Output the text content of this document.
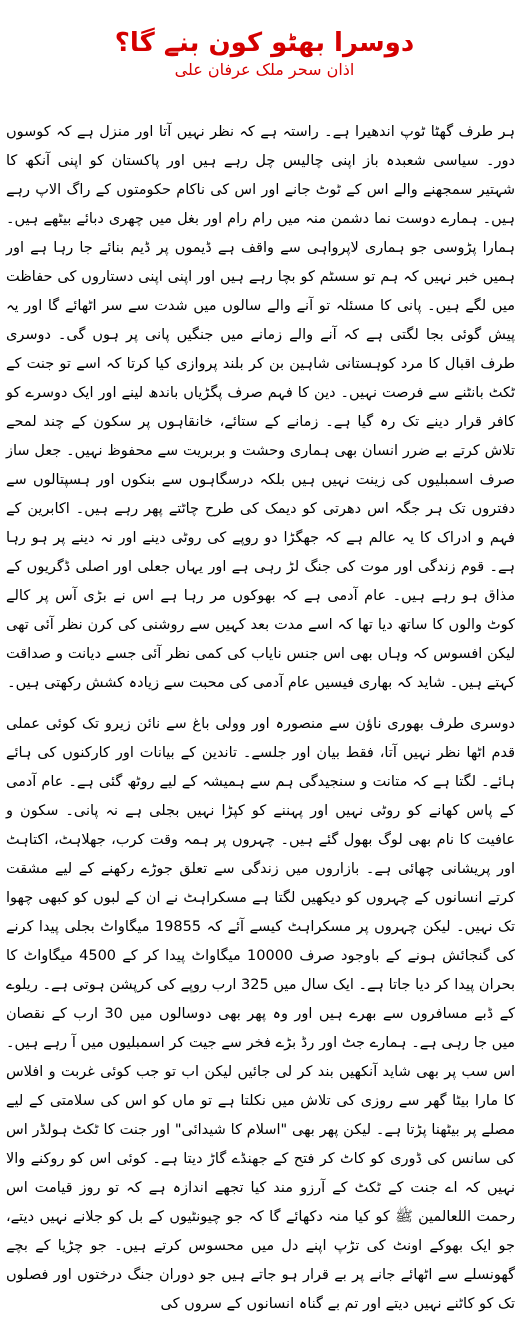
دوسرا بھٹو کون بنے گا؟
اذان سحر ملک عرفان علی

ہر طرف گھٹا ٹوپ اندھیرا ہے۔ راستہ ہے کہ نظر نہیں آتا اور منزل ہے کہ کوسوں دور۔ سیاسی شعبدہ باز اپنی چالیس چل رہے ہیں اور پاکستان کو اپنی آنکھ کا شہتیر سمجھنے والے اس کے ٹوٹ جانے اور اس کی ناکام حکومتوں کے راگ الاپ رہے ہیں۔ ہمارے دوست نما دشمن منہ میں رام رام اور بغل میں چھری دبائے بیٹھے ہیں۔ ہمارا پڑوسی جو ہماری لاپرواہی سے واقف ہے ڈیموں پر ڈیم بنائے جا رہا ہے اور ہمیں خبر نہیں کہ ہم تو سسٹم کو بچا رہے ہیں اور اپنی اپنی دستاروں کی حفاظت میں لگے ہیں۔ پانی کا مسئلہ تو آنے والے سالوں میں شدت سے سر اٹھائے گا اور یہ پیش گوئی بجا لگتی ہے کہ آنے والے زمانے میں جنگیں پانی پر ہوں گی۔ دوسری طرف اقبال کا مرد کوہستانی شاہین بن کر بلند پروازی کیا کرتا کہ اسے تو جنت کے ٹکٹ بانٹنے سے فرصت نہیں۔ دین کا فہم صرف پگڑیاں باندھ لینے اور ایک دوسرے کو کافر قرار دینے تک رہ گیا ہے۔ زمانے کے ستائے، خانقاہوں پر سکون کے چند لمحے تلاش کرتے بے ضرر انسان بھی ہماری وحشت و بربریت سے محفوظ نہیں۔ جعل ساز صرف اسمبلیوں کی زینت نہیں ہیں بلکہ درسگاہوں سے بنکوں اور ہسپتالوں سے دفتروں تک ہر جگہ اس دھرتی کو دیمک کی طرح چاٹتے پھر رہے ہیں۔ اکابرین کے فہم و ادراک کا یہ عالم ہے کہ جھگڑا دو روپے کی روٹی دینے اور نہ دینے پر ہو رہا ہے۔ قوم زندگی اور موت کی جنگ لڑ رہی ہے اور یہاں جعلی اور اصلی ڈگریوں کے مذاق ہو رہے ہیں۔ عام آدمی ہے کہ بھوکوں مر رہا ہے اس نے بڑی آس پر کالے کوٹ والوں کا ساتھ دیا تھا کہ اسے مدت بعد کہیں سے روشنی کی کرن نظر آئی تھی لیکن افسوس کہ وہاں بھی اس جنس نایاب کی کمی نظر آئی جسے دیانت و صداقت کہتے ہیں۔ شاید کہ بھاری فیسیں عام آدمی کی محبت سے زیادہ کشش رکھتی ہیں۔

دوسری طرف بھوری ناؤن سے منصورہ اور وولی باغ سے نائن زیرو تک کوئی عملی قدم اٹھا نظر نہیں آتا، فقط بیان اور جلسے۔ تاندین کے بیانات اور کارکنوں کی ہائے ہائے۔ لگتا ہے کہ متانت و سنجیدگی ہم سے ہمیشہ کے لیے روٹھ گئی ہے۔ عام آدمی کے پاس کھانے کو روٹی نہیں اور پہننے کو کپڑا نہیں بجلی ہے نہ پانی۔ سکون و عافیت کا نام بھی لوگ بھول گئے ہیں۔ چہروں پر ہمہ وقت کرب، جھلاہٹ، اکتاہٹ اور پریشانی چھائی ہے۔ بازاروں میں زندگی سے تعلق جوڑے رکھنے کے لیے مشقت کرتے انسانوں کے چہروں کو دیکھیں لگتا ہے مسکراہٹ نے ان کے لبوں کو کبھی چھوا تک نہیں۔ لیکن چہروں پر مسکراہٹ کیسے آئے کہ 19855 میگاواٹ بجلی پیدا کرنے کی گنجائش ہونے کے باوجود صرف 10000 میگاواٹ پیدا کر کے 4500 میگاواٹ کا بحران پیدا کر دیا جاتا ہے۔ ایک سال میں 325 ارب روپے کی کرپشن ہوتی ہے۔ ریلوے کے ڈبے مسافروں سے بھرے ہیں اور وہ پھر بھی دوسالوں میں 30 ارب کے نقصان میں جا رہی ہے۔ ہمارے جٹ اور رڈ بڑے فخر سے جیت کر اسمبلیوں میں آ رہے ہیں۔ اس سب پر بھی شاید آنکھیں بند کر لی جائیں لیکن اب تو جب کوئی غربت و افلاس کا مارا بیٹا گھر سے روزی کی تلاش میں نکلتا ہے تو ماں کو اس کی سلامتی کے لیے مصلے پر بیٹھنا پڑتا ہے۔ لیکن پھر بھی "اسلام کا شیدائی" اور جنت کا ٹکٹ ہولڈر اس کی سانس کی ڈوری کو کاٹ کر فتح کے جھنڈے گاڑ دیتا ہے۔ کوئی اس کو روکنے والا نہیں کہ اے جنت کے ٹکٹ کے آرزو مند کیا تجھے اندازہ ہے کہ تو روز قیامت اس رحمت اللعالمین ﷺ کو کیا منہ دکھائے گا کہ جو چیونٹیوں کے بل کو جلانے نہیں دیتے، جو ایک بھوکے اونٹ کی تڑپ اپنے دل میں محسوس کرتے ہیں۔ جو چڑیا کے بچے گھونسلے سے اٹھائے جانے پر بے قرار ہو جاتے ہیں جو دوران جنگ درختوں اور فصلوں تک کو کاٹنے نہیں دیتے اور تم بے گناہ انسانوں کے سروں کی
